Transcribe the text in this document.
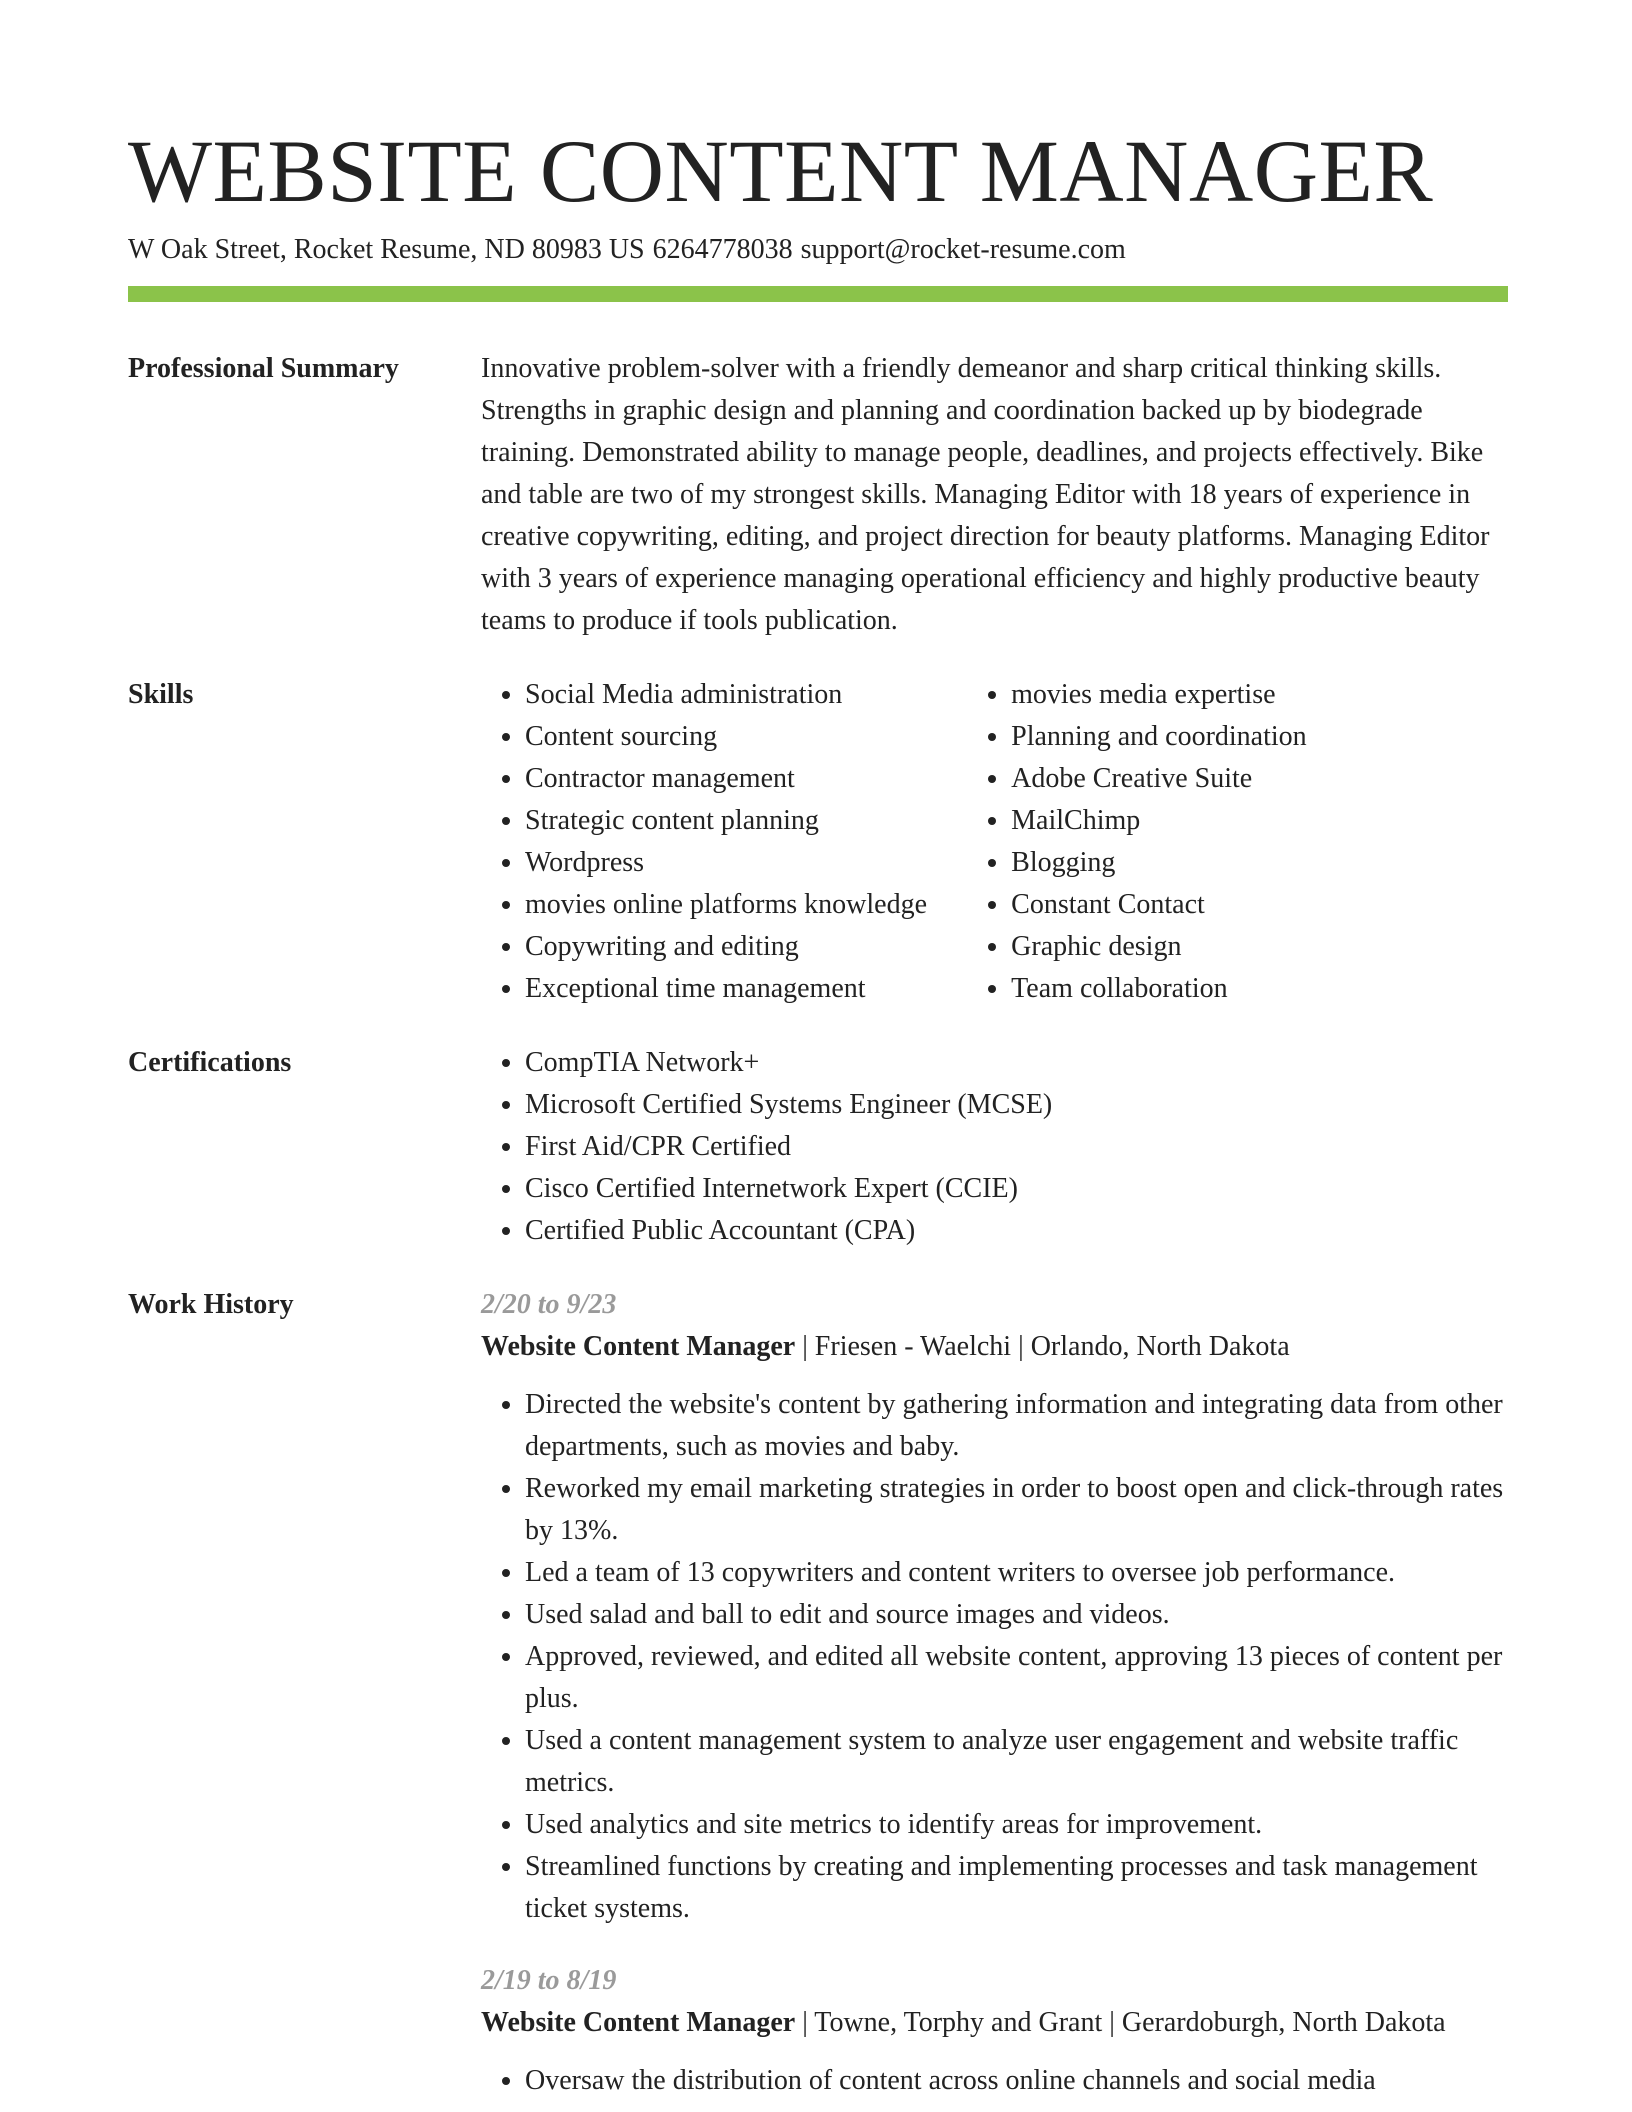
WEBSITE CONTENT MANAGER
W Oak Street, Rocket Resume, ND 80983 US 6264778038 support@rocket-resume.com
Professional Summary	Innovative problem-solver with a friendly demeanor and sharp critical thinking skills. Strengths in graphic design and planning and coordination backed up by biodegrade training. Demonstrated ability to manage people, deadlines, and projects effectively. Bike and table are two of my strongest skills. Managing Editor with 18 years of experience in creative copywriting, editing, and project direction for beauty platforms. Managing Editor with 3 years of experience managing operational efficiency and highly productive beauty teams to produce if tools publication.

Skills	• Social Media administration
• Content sourcing
• Contractor management
• Strategic content planning
• Wordpress
• movies online platforms knowledge
• Copywriting and editing
• Exceptional time management
• movies media expertise
• Planning and coordination
• Adobe Creative Suite
• MailChimp
• Blogging
• Constant Contact
• Graphic design
• Team collaboration
Certifications	• CompTIA Network+
• Microsoft Certified Systems Engineer (MCSE)
• First Aid/CPR Certified
• Cisco Certified Internetwork Expert (CCIE)
• Certified Public Accountant (CPA)
Work History	2/20 to 9/23
Website Content Manager | Friesen - Waelchi | Orlando, North Dakota
• Directed the website's content by gathering information and integrating data from other departments, such as movies and baby.
• Reworked my email marketing strategies in order to boost open and click-through rates by 13%.
• Led a team of 13 copywriters and content writers to oversee job performance.
• Used salad and ball to edit and source images and videos.
• Approved, reviewed, and edited all website content, approving 13 pieces of content per plus.
• Used a content management system to analyze user engagement and website traffic metrics.
• Used analytics and site metrics to identify areas for improvement.
• Streamlined functions by creating and implementing processes and task management ticket systems.
2/19 to 8/19
Website Content Manager | Towne, Torphy and Grant | Gerardoburgh, North Dakota
• Oversaw the distribution of content across online channels and social media
